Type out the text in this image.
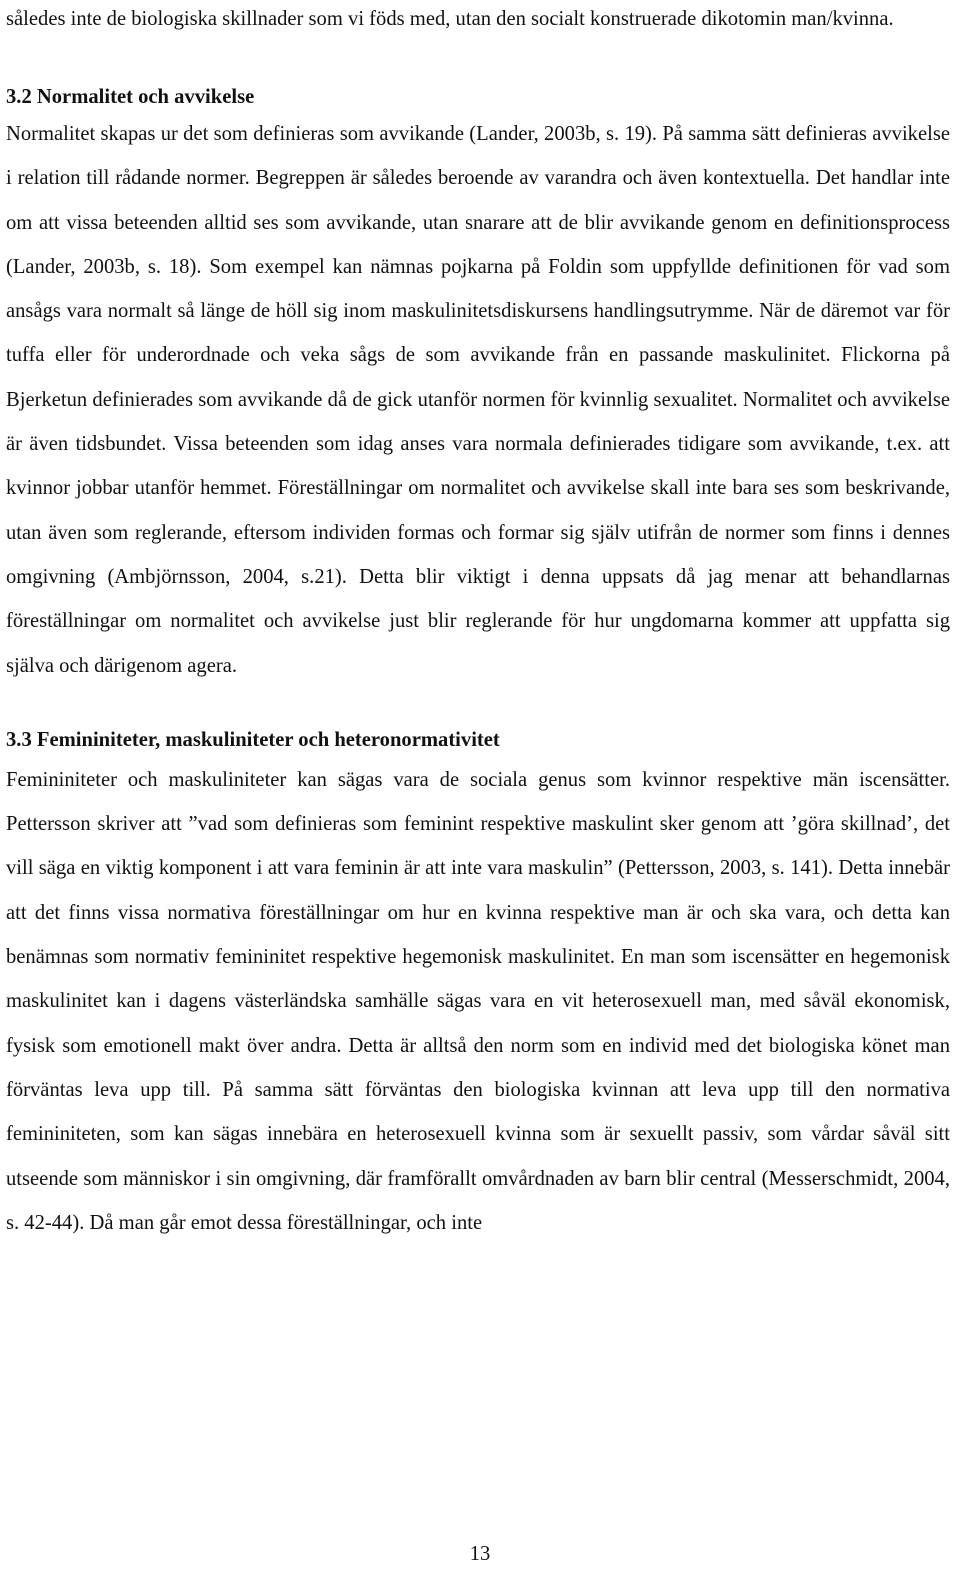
således inte de biologiska skillnader som vi föds med, utan den socialt konstruerade dikotomin man/kvinna.

3.2 Normalitet och avvikelse

Normalitet skapas ur det som definieras som avvikande (Lander, 2003b, s. 19). På samma sätt definieras avvikelse i relation till rådande normer. Begreppen är således beroende av varandra och även kontextuella. Det handlar inte om att vissa beteenden alltid ses som avvikande, utan snarare att de blir avvikande genom en definitionsprocess (Lander, 2003b, s. 18). Som exempel kan nämnas pojkarna på Foldin som uppfyllde definitionen för vad som ansågs vara normalt så länge de höll sig inom maskulinitetsdiskursens handlingsutrymme. När de däremot var för tuffa eller för underordnade och veka sågs de som avvikande från en passande maskulinitet. Flickorna på Bjerketun definierades som avvikande då de gick utanför normen för kvinnlig sexualitet. Normalitet och avvikelse är även tidsbundet. Vissa beteenden som idag anses vara normala definierades tidigare som avvikande, t.ex. att kvinnor jobbar utanför hemmet. Föreställningar om normalitet och avvikelse skall inte bara ses som beskrivande, utan även som reglerande, eftersom individen formas och formar sig själv utifrån de normer som finns i dennes omgivning (Ambjörnsson, 2004, s.21). Detta blir viktigt i denna uppsats då jag menar att behandlarnas föreställningar om normalitet och avvikelse just blir reglerande för hur ungdomarna kommer att uppfatta sig själva och därigenom agera.

3.3 Femininiteter, maskuliniteter och heteronormativitet

Femininiteter och maskuliniteter kan sägas vara de sociala genus som kvinnor respektive män iscensätter. Pettersson skriver att ”vad som definieras som feminint respektive maskulint sker genom att ’göra skillnad’, det vill säga en viktig komponent i att vara feminin är att inte vara maskulin” (Pettersson, 2003, s. 141). Detta innebär att det finns vissa normativa föreställningar om hur en kvinna respektive man är och ska vara, och detta kan benämnas som normativ femininitet respektive hegemonisk maskulinitet. En man som iscensätter en hegemonisk maskulinitet kan i dagens västerländska samhälle sägas vara en vit heterosexuell man, med såväl ekonomisk, fysisk som emotionell makt över andra. Detta är alltså den norm som en individ med det biologiska könet man förväntas leva upp till. På samma sätt förväntas den biologiska kvinnan att leva upp till den normativa femininiteten, som kan sägas innebära en heterosexuell kvinna som är sexuellt passiv, som vårdar såväl sitt utseende som människor i sin omgivning, där framförallt omvårdnaden av barn blir central (Messerschmidt, 2004, s. 42-44). Då man går emot dessa föreställningar, och inte

13
